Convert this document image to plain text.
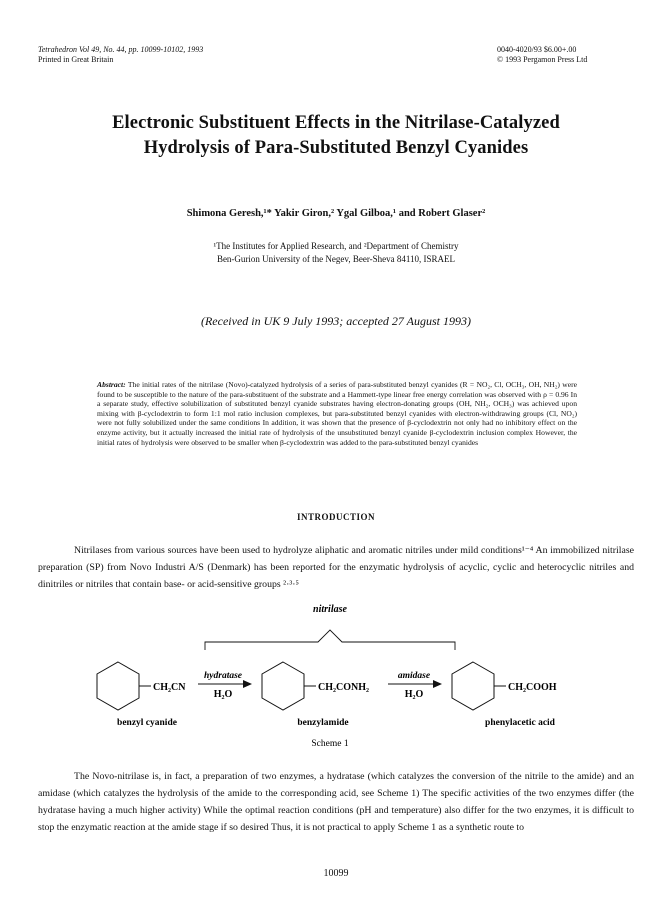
Tetrahedron Vol 49, No. 44, pp. 10099-10102, 1993
Printed in Great Britain
0040-4020/93 $6.00+.00
© 1993 Pergamon Press Ltd
Electronic Substituent Effects in the Nitrilase-Catalyzed
Hydrolysis of Para-Substituted Benzyl Cyanides
Shimona Geresh,¹* Yakir Giron,² Ygal Gilboa,¹ and Robert Glaser²
¹The Institutes for Applied Research, and ²Department of Chemistry
Ben-Gurion University of the Negev, Beer-Sheva 84110, ISRAEL
(Received in UK 9 July 1993; accepted 27 August 1993)
Abstract: The initial rates of the nitrilase (Novo)-catalyzed hydrolysis of a series of para-substituted benzyl cyanides (R = NO₂, Cl, OCH₃, OH, NH₂) were found to be susceptible to the nature of the para-substituent of the substrate and a Hammett-type linear free energy correlation was observed with ρ = 0.96 In a separate study, effective solubilization of substituted benzyl cyanide substrates having electron-donating groups (OH, NH₂, OCH₃) was achieved upon mixing with β-cyclodextrin to form 1:1 mol ratio inclusion complexes, but para-substituted benzyl cyanides with electron-withdrawing groups (Cl, NO₂) were not fully solubilized under the same conditions In addition, it was shown that the presence of β-cyclodextrin not only had no inhibitory effect on the enzyme activity, but it actually increased the initial rate of hydrolysis of the unsubstituted benzyl cyanide β-cyclodextrin inclusion complex However, the initial rates of hydrolysis were observed to be smaller when β-cyclodextrin was added to the para-substituted benzyl cyanides
INTRODUCTION
Nitrilases from various sources have been used to hydrolyze aliphatic and aromatic nitriles under mild conditions¹⁻⁴ An immobilized nitrilase preparation (SP) from Novo Industri A/S (Denmark) has been reported for the enzymatic hydrolysis of acyclic, cyclic and heterocyclic nitriles and dinitriles or nitriles that contain base- or acid-sensitive groups ²·³·⁵
nitrilase
CH₂CN
hydratase
H₂O
CH₂CONH₂
amidase
H₂O
CH₂COOH
benzyl cyanide	benzylamide	phenylacetic acid
Scheme 1
The Novo-nitrilase is, in fact, a preparation of two enzymes, a hydratase (which catalyzes the conversion of the nitrile to the amide) and an amidase (which catalyzes the hydrolysis of the amide to the corresponding acid, see Scheme 1) The specific activities of the two enzymes differ (the hydratase having a much higher activity) While the optimal reaction conditions (pH and temperature) also differ for the two enzymes, it is difficult to stop the enzymatic reaction at the amide stage if so desired Thus, it is not practical to apply Scheme 1 as a synthetic route to
10099
